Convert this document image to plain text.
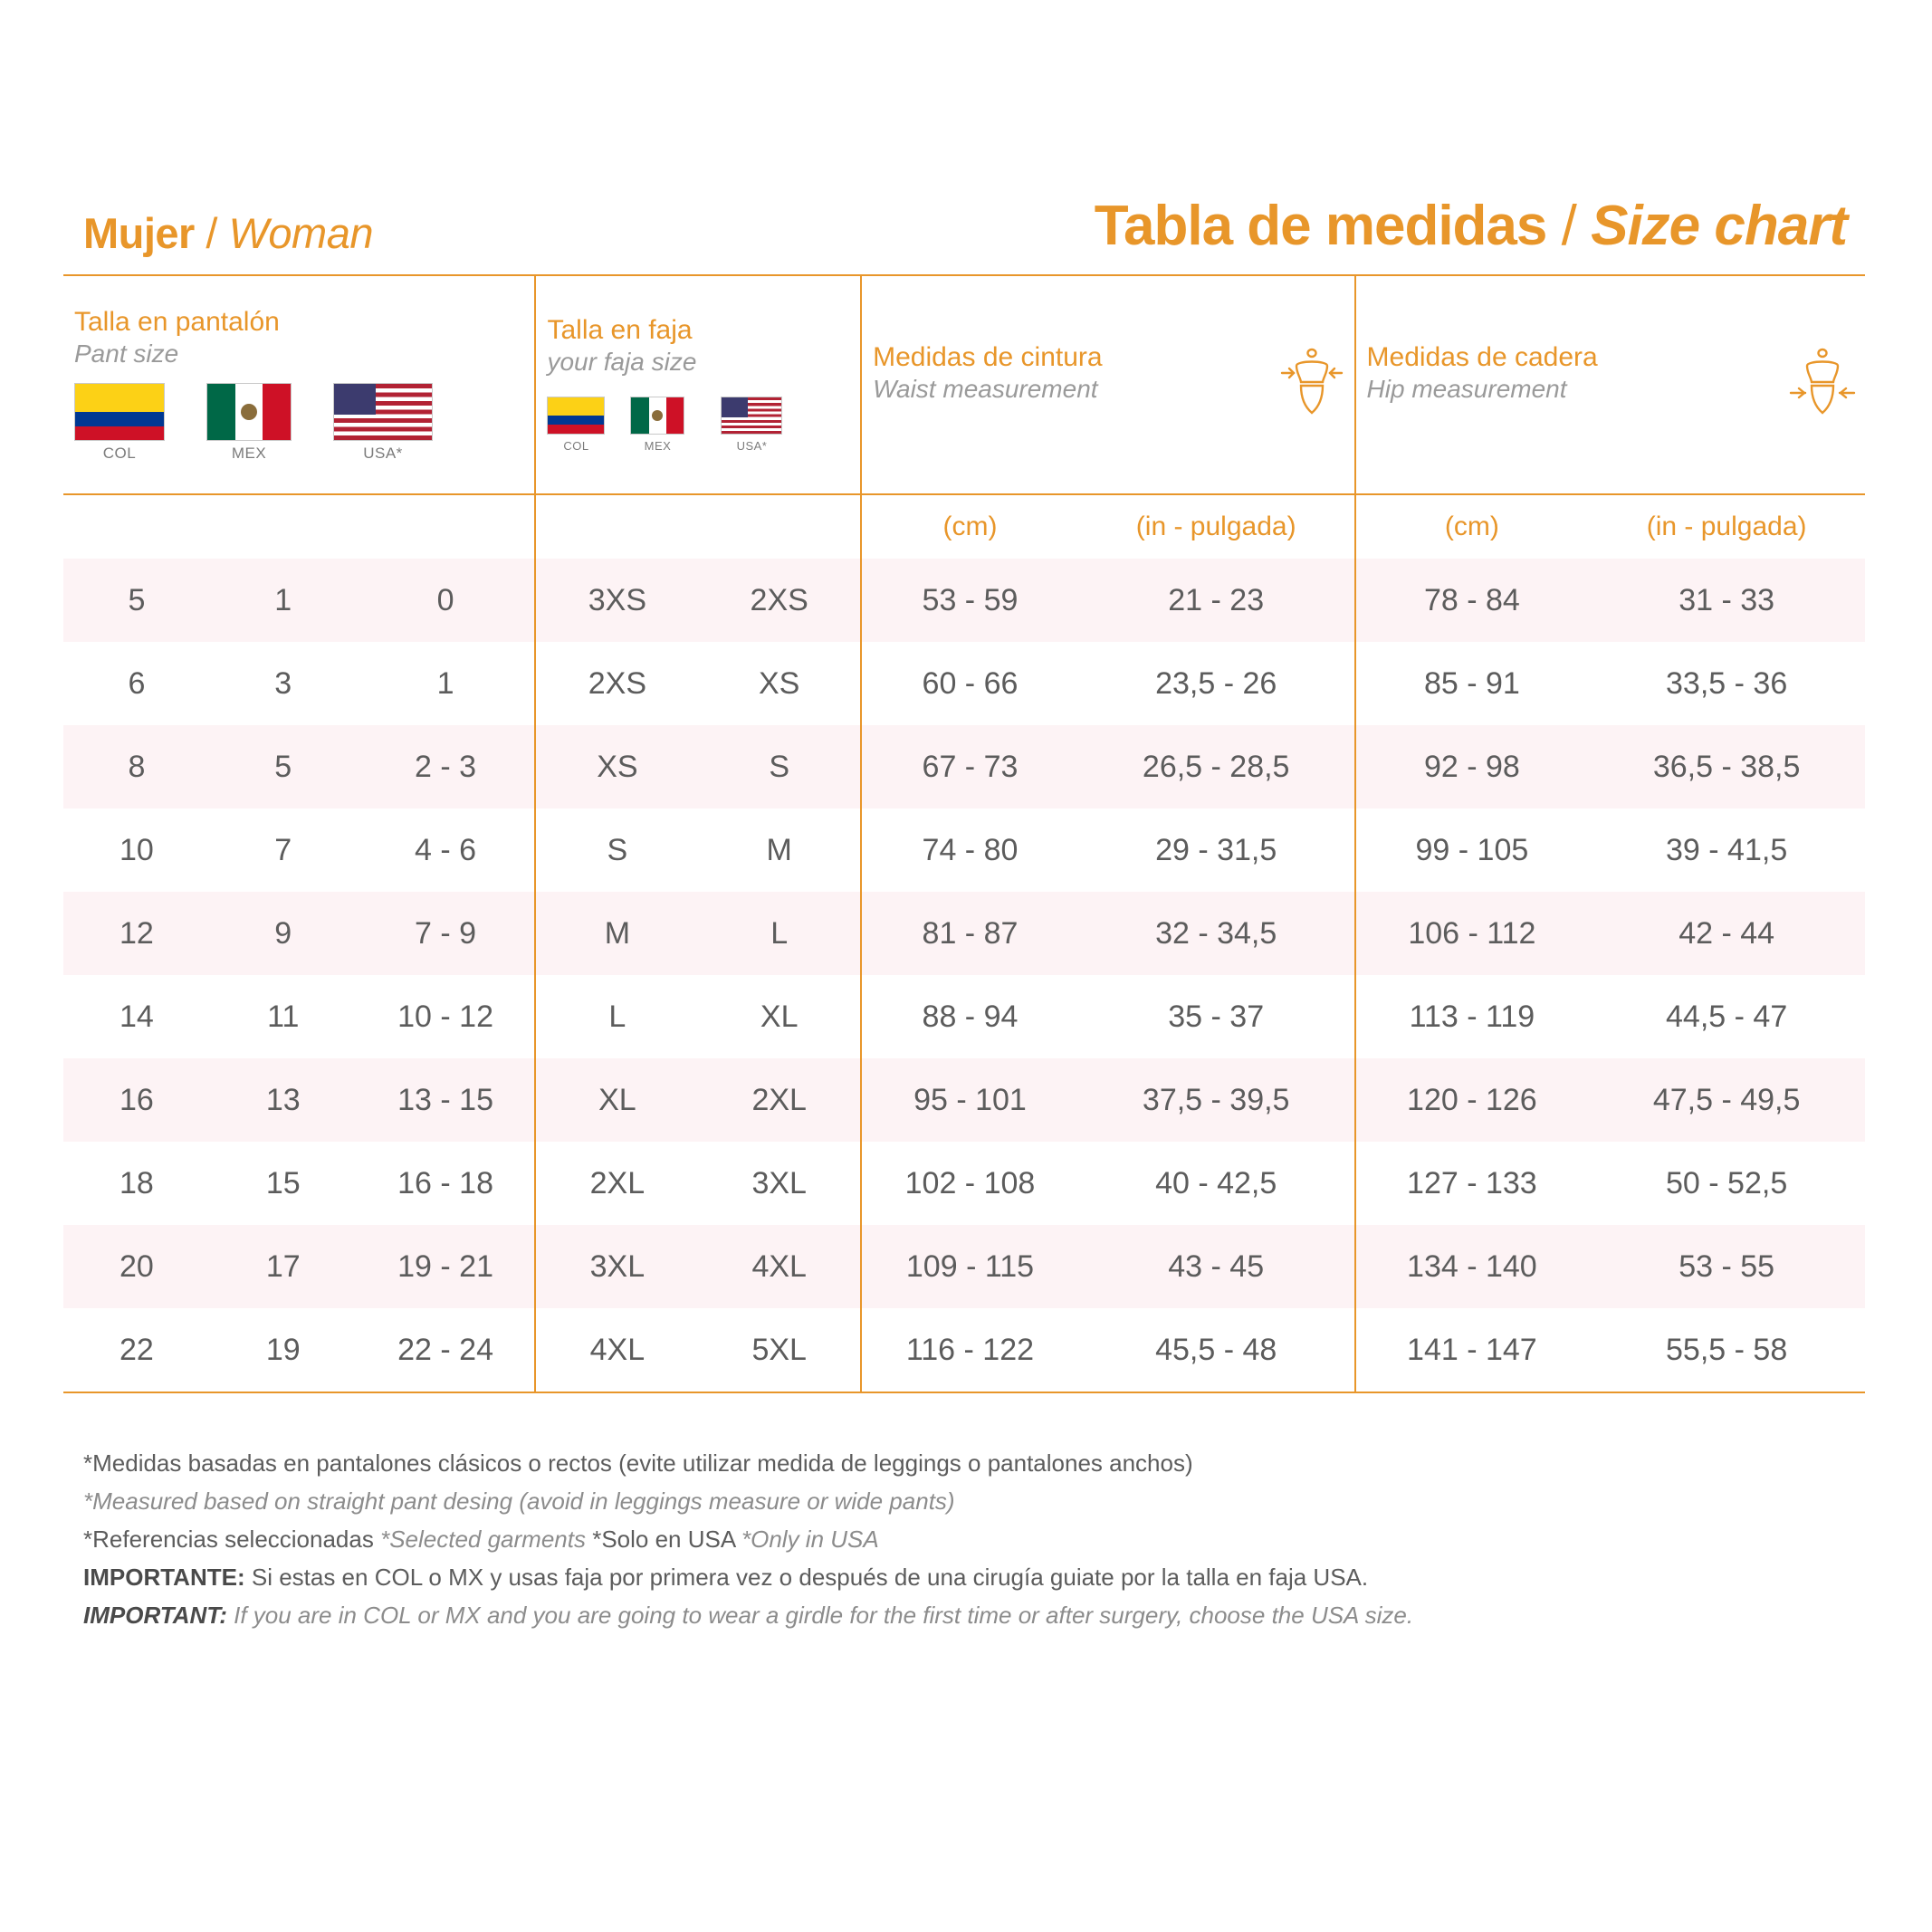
Mujer / Woman	Tabla de medidas / Size chart
Talla en pantalón
Pant size
COL	MEX	USA*

Talla en faja
your faja size
COL	MEX	USA*

Medidas de cintura
Waist measurement

Medidas de cadera
Hip measurement

					(cm)	(in - pulgada)	(cm)	(in - pulgada)
5	1	0	3XS	2XS	53 - 59	21 - 23	78 - 84	31 - 33
6	3	1	2XS	XS	60 - 66	23,5 - 26	85 - 91	33,5 - 36
8	5	2 - 3	XS	S	67 - 73	26,5 - 28,5	92 - 98	36,5 - 38,5
10	7	4 - 6	S	M	74 - 80	29 - 31,5	99 - 105	39 - 41,5
12	9	7 - 9	M	L	81 - 87	32 - 34,5	106 - 112	42 - 44
14	11	10 - 12	L	XL	88 - 94	35 - 37	113 - 119	44,5 - 47
16	13	13 - 15	XL	2XL	95 - 101	37,5 - 39,5	120 - 126	47,5 - 49,5
18	15	16 - 18	2XL	3XL	102 - 108	40 - 42,5	127 - 133	50 - 52,5
20	17	19 - 21	3XL	4XL	109 - 115	43 - 45	134 - 140	53 - 55
22	19	22 - 24	4XL	5XL	116 - 122	45,5 - 48	141 - 147	55,5 - 58

*Medidas basadas en pantalones clásicos o rectos (evite utilizar medida de leggings o pantalones anchos)
*Measured based on straight pant desing (avoid in leggings measure or wide pants)
*Referencias seleccionadas *Selected garments *Solo en USA *Only in USA
IMPORTANTE: Si estas en COL o MX y usas faja por primera vez o después de una cirugía guiate por la talla en faja USA.
IMPORTANT: If you are in COL or MX and you are going to wear a girdle for the first time or after surgery, choose the USA size.
